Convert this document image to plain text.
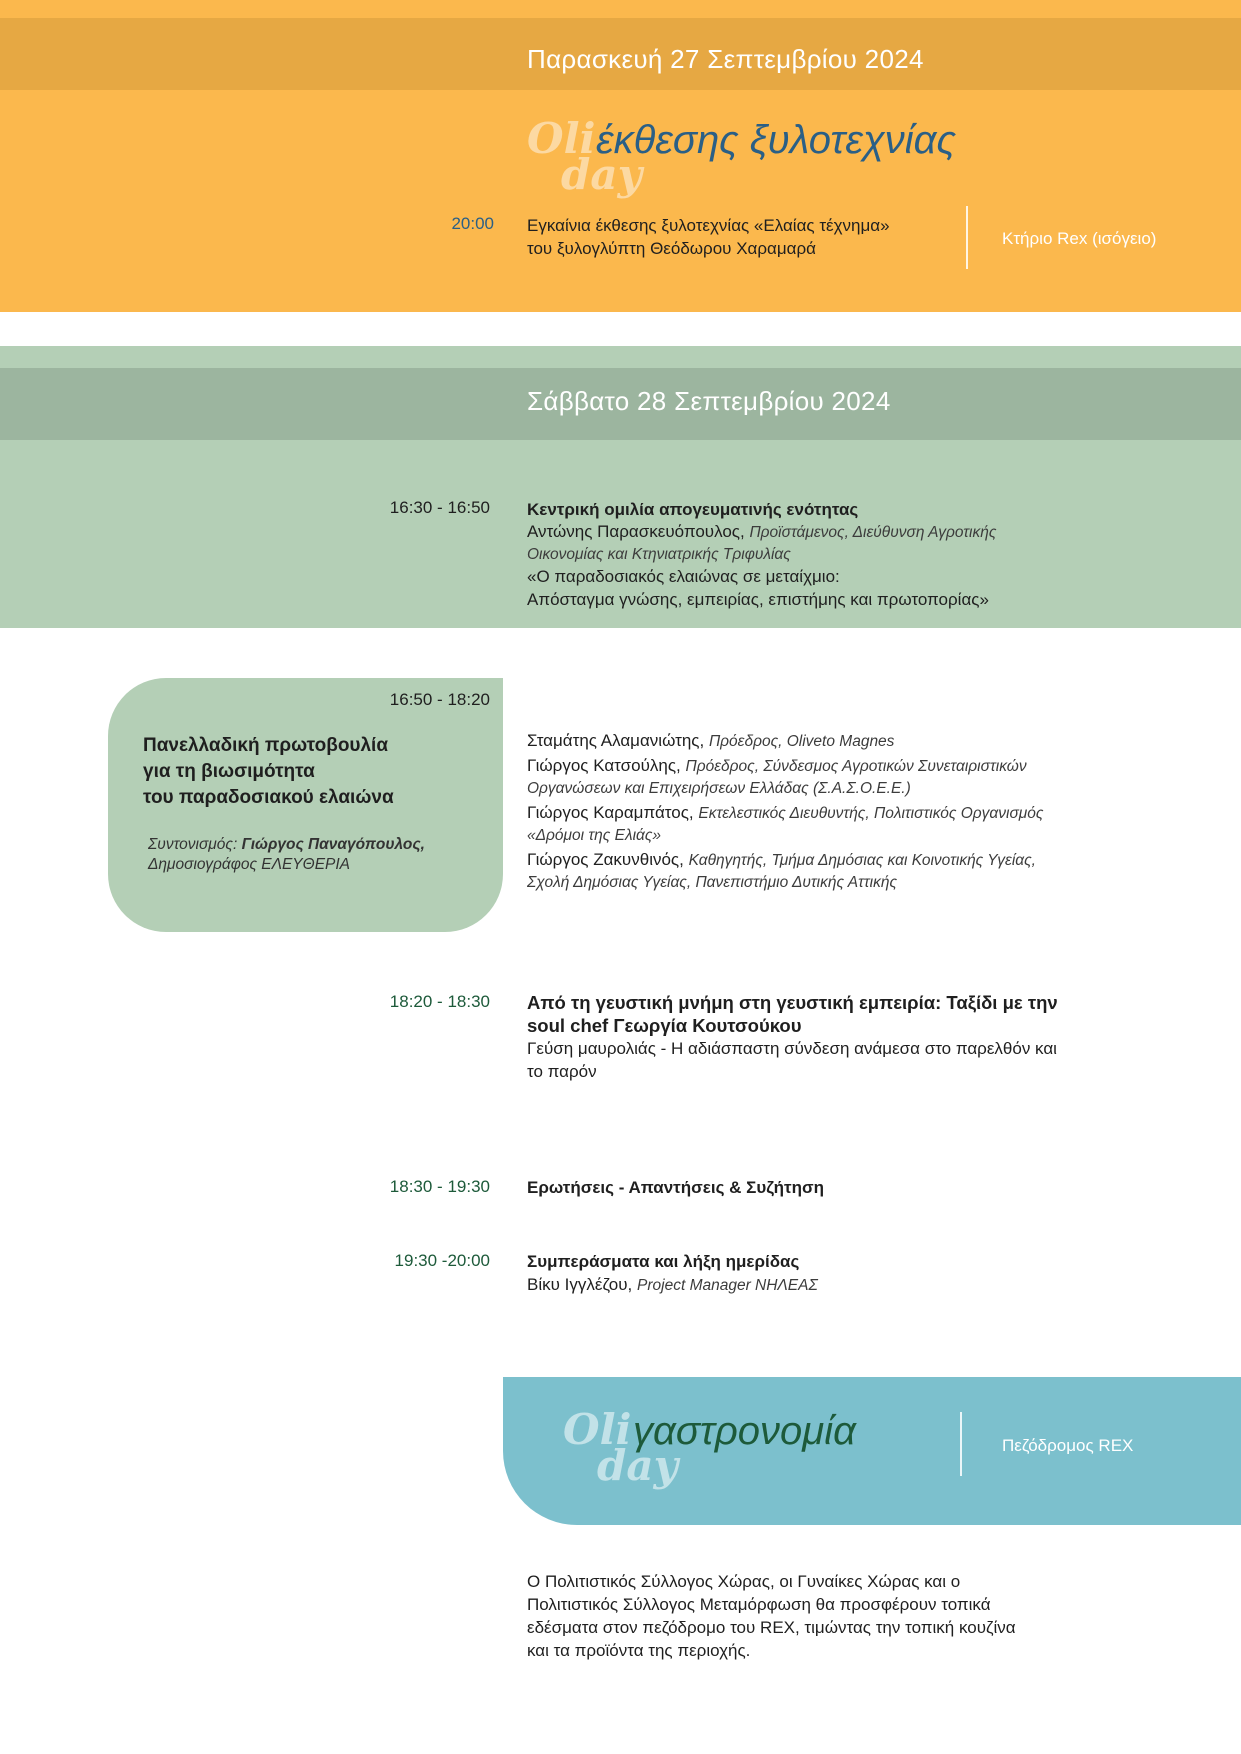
Παρασκευή 27 Σεπτεμβρίου 2024
Oli
day
έκθεσης ξυλοτεχνίας
20:00 Εγκαίνια έκθεσης ξυλοτεχνίας «Ελαίας τέχνημα»
του ξυλογλύπτη Θεόδωρου Χαραμαρά
Κτήριο Rex (ισόγειο)
Σάββατο 28 Σεπτεμβρίου 2024
16:30 - 16:50 Κεντρική ομιλία απογευματινής ενότητας
Αντώνης Παρασκευόπουλος, Προϊστάμενος, Διεύθυνση Αγροτικής
Οικονομίας και Κτηνιατρικής Τριφυλίας
«Ο παραδοσιακός ελαιώνας σε μεταίχμιο:
Απόσταγμα γνώσης, εμπειρίας, επιστήμης και πρωτοπορίας»
16:50 - 18:20
Πανελλαδική πρωτοβουλία
για τη βιωσιμότητα
του παραδοσιακού ελαιώνα
Συντονισμός: Γιώργος Παναγόπουλος,
Δημοσιογράφος ΕΛΕΥΘΕΡΙΑ
Σταμάτης Αλαμανιώτης, Πρόεδρος, Oliveto Magnes
Γιώργος Κατσούλης, Πρόεδρος, Σύνδεσμος Αγροτικών Συνεταιριστικών
Οργανώσεων και Επιχειρήσεων Ελλάδας (Σ.Α.Σ.Ο.Ε.Ε.)
Γιώργος Καραμπάτος, Εκτελεστικός Διευθυντής, Πολιτιστικός Οργανισμός
«Δρόμοι της Ελιάς»
Γιώργος Ζακυνθινός, Καθηγητής, Τμήμα Δημόσιας και Κοινοτικής Υγείας,
Σχολή Δημόσιας Υγείας, Πανεπιστήμιο Δυτικής Αττικής
18:20 - 18:30 Από τη γευστική μνήμη στη γευστική εμπειρία: Ταξίδι με την
soul chef Γεωργία Κουτσούκου
Γεύση μαυρολιάς - Η αδιάσπαστη σύνδεση ανάμεσα στο παρελθόν και
το παρόν
18:30 - 19:30 Ερωτήσεις - Απαντήσεις & Συζήτηση
19:30 -20:00 Συμπεράσματα και λήξη ημερίδας
Βίκυ Ιγγλέζου, Project Manager ΝΗΛΕΑΣ
Oli
day
γαστρονομία	Πεζόδρομος REX
Ο Πολιτιστικός Σύλλογος Χώρας, οι Γυναίκες Χώρας και ο
Πολιτιστικός Σύλλογος Μεταμόρφωση θα προσφέρουν τοπικά
εδέσματα στον πεζόδρομο του REX, τιμώντας την τοπική κουζίνα
και τα προϊόντα της περιοχής.
